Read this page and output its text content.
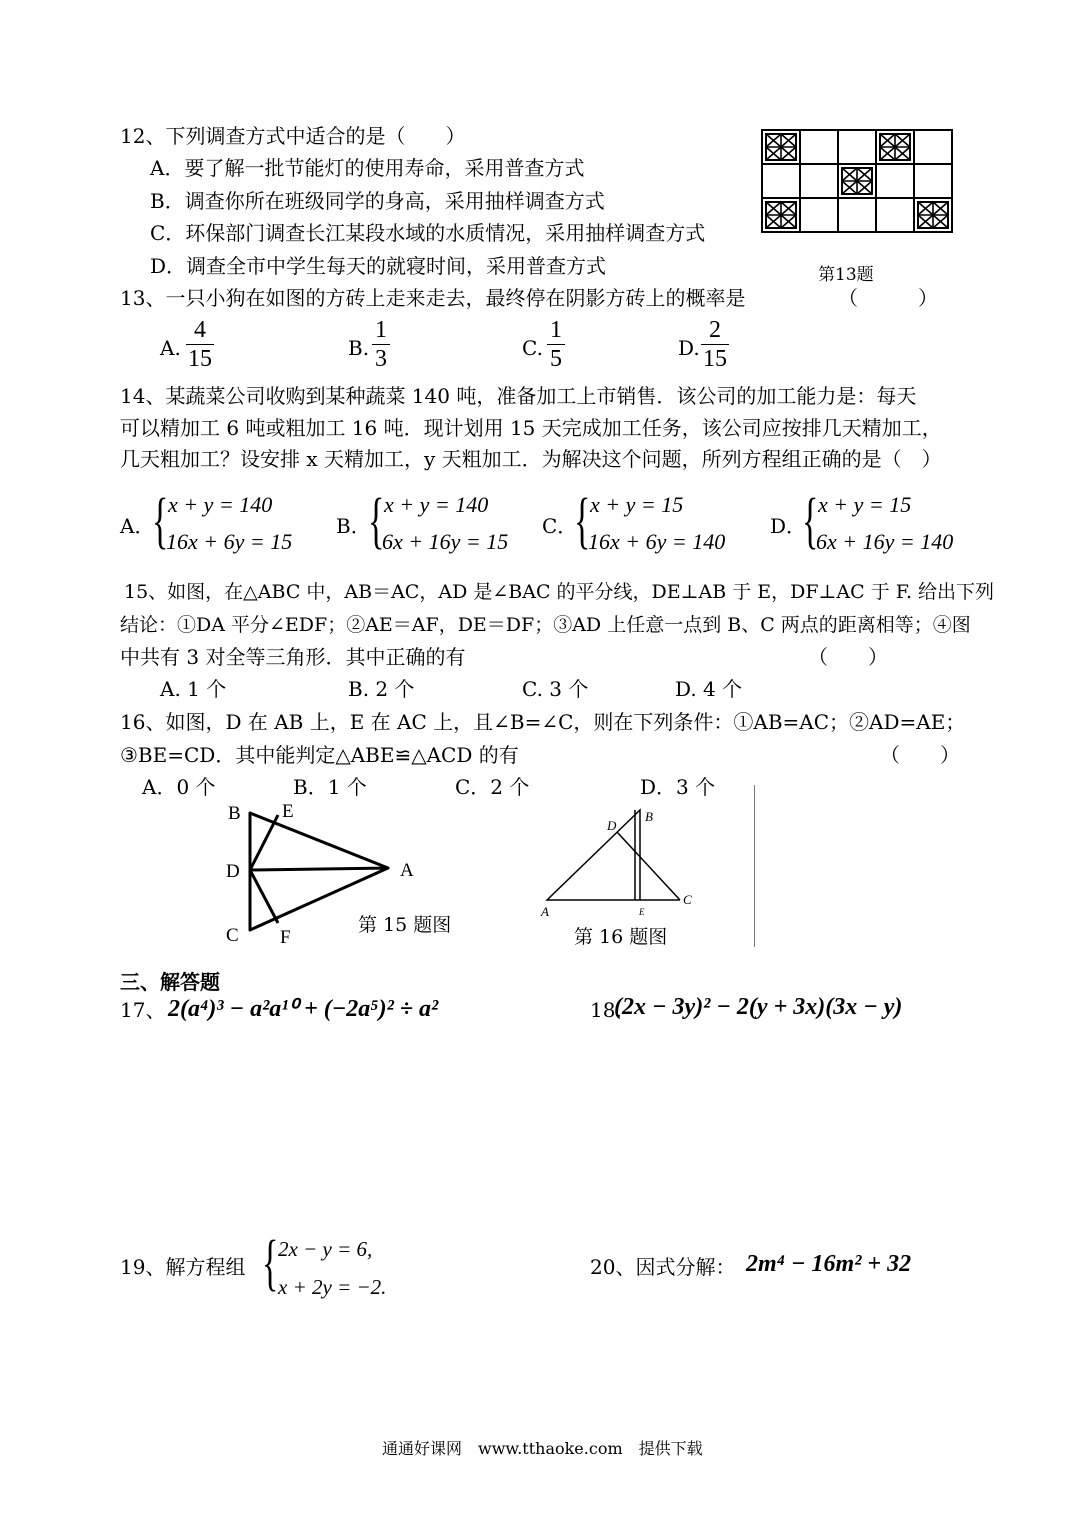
12、下列调查方式中适合的是（　　）
A．要了解一批节能灯的使用寿命，采用普查方式
B．调查你所在班级同学的身高，采用抽样调查方式
C．环保部门调查长江某段水域的水质情况，采用抽样调查方式
D．调查全市中学生每天的就寝时间，采用普查方式	第13题
13、一只小狗在如图的方砖上走来走去，最终停在阴影方砖上的概率是	（　　　）
A.
4
15	B.
1
3	C.
1
5	D.
2
15
14、某蔬菜公司收购到某种蔬菜 140 吨，准备加工上市销售．该公司的加工能力是：每天
可以精加工 6 吨或粗加工 16 吨．现计划用 15 天完成加工任务，该公司应按排几天精加工，
几天粗加工？设安排 x 天精加工，y 天粗加工．为解决这个问题，所列方程组正确的是（　）
A．
{ x + y = 140
16x + 6y = 15
B．
{ x + y = 140
6x + 16y = 15
C．
{ x + y = 15
16x + 6y = 140
D．
{ x + y = 15
6x + 16y = 140
15、如图，在△ABC 中，AB＝AC，AD 是∠BAC 的平分线，DE⊥AB 于 E，DF⊥AC 于 F. 给出下列
结论：①DA 平分∠EDF；②AE＝AF，DE＝DF；③AD 上任意一点到 B、C 两点的距离相等；④图
中共有 3 对全等三角形．其中正确的有	（　　）
A. 1 个	B. 2 个	C. 3 个	D. 4 个
16、如图，D 在 AB 上，E 在 AC 上，且∠B=∠C，则在下列条件：①AB=AC；②AD=AE；
③BE=CD．其中能判定△ABE≌△ACD 的有	（　　）
A．0 个	B．1 个	C．2 个	D．3 个
B E
D	A
C F
第 15 题图
D
B
A	E
C
第 16 题图
三、解答题
17、 2(a⁴)³ − a²a¹⁰ + (−2a⁵)² ÷ a²	18.
(2x − 3y)² − 2(y + 3x)(3x − y)
19、解方程组 { 2x − y = 6,
x + 2y = −2.
20、因式分解： 2m⁴ − 16m² + 32
通通好课网　www.tthaoke.com　提供下载
